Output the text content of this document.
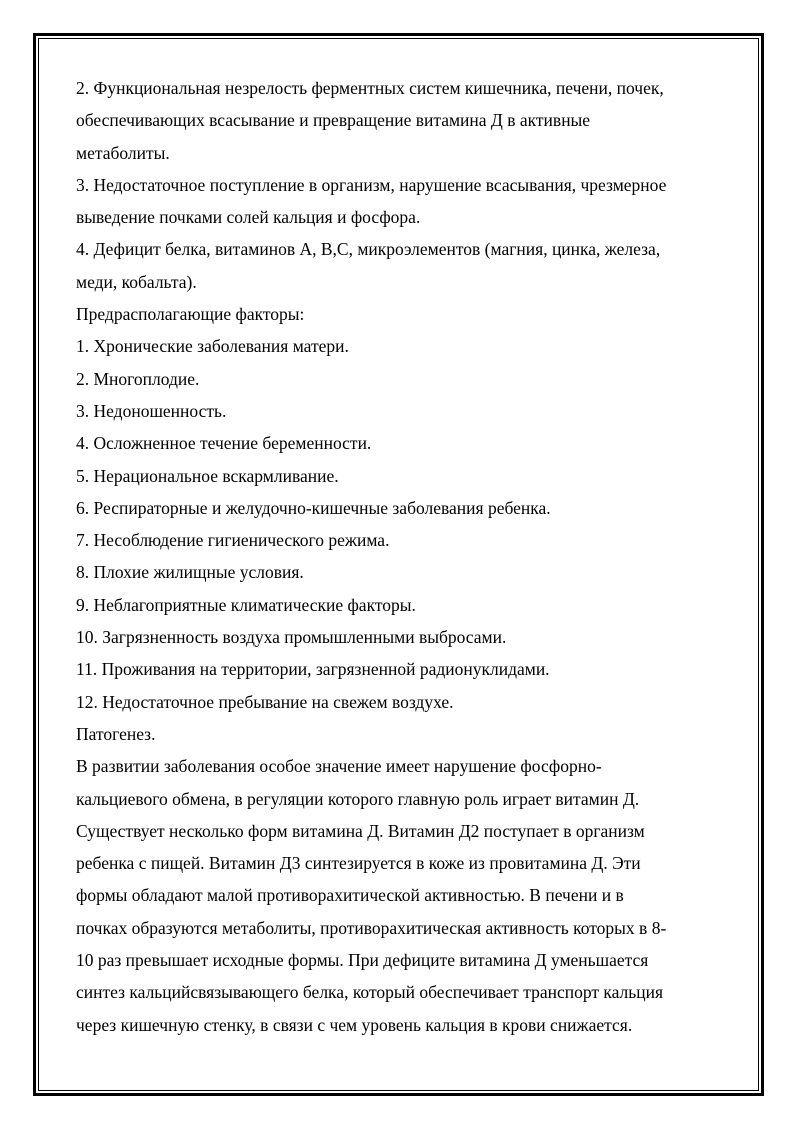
2. Функциональная незрелость ферментных систем кишечника, печени, почек,

обеспечивающих всасывание и превращение витамина Д в активные

метаболиты.

3. Недостаточное поступление в организм, нарушение всасывания, чрезмерное

выведение почками солей кальция и фосфора.

4. Дефицит белка, витаминов А, В,С, микроэлементов (магния, цинка, железа,

меди, кобальта).

Предрасполагающие факторы:

1. Хронические заболевания матери.

2. Многоплодие.

3. Недоношенность.

4. Осложненное течение беременности.

5. Нерациональное вскармливание.

6. Респираторные и желудочно-кишечные заболевания ребенка.

7. Несоблюдение гигиенического режима.

8. Плохие жилищные условия.

9. Неблагоприятные климатические факторы.

10. Загрязненность воздуха промышленными выбросами.

11. Проживания на территории, загрязненной радионуклидами.

12. Недостаточное пребывание на свежем воздухе.

Патогенез.

В развитии заболевания особое значение имеет нарушение фосфорно-

кальциевого обмена, в регуляции которого главную роль играет витамин Д.

Существует несколько форм витамина Д. Витамин Д2 поступает в организм

ребенка с пищей. Витамин Д3 синтезируется в коже из провитамина Д. Эти

формы обладают малой противорахитической активностью. В печени и в

почках образуются метаболиты, противорахитическая активность которых в 8-

10 раз превышает исходные формы. При дефиците витамина Д уменьшается

синтез кальцийсвязывающего белка, который обеспечивает транспорт кальция

через кишечную стенку, в связи с чем уровень кальция в крови снижается.
